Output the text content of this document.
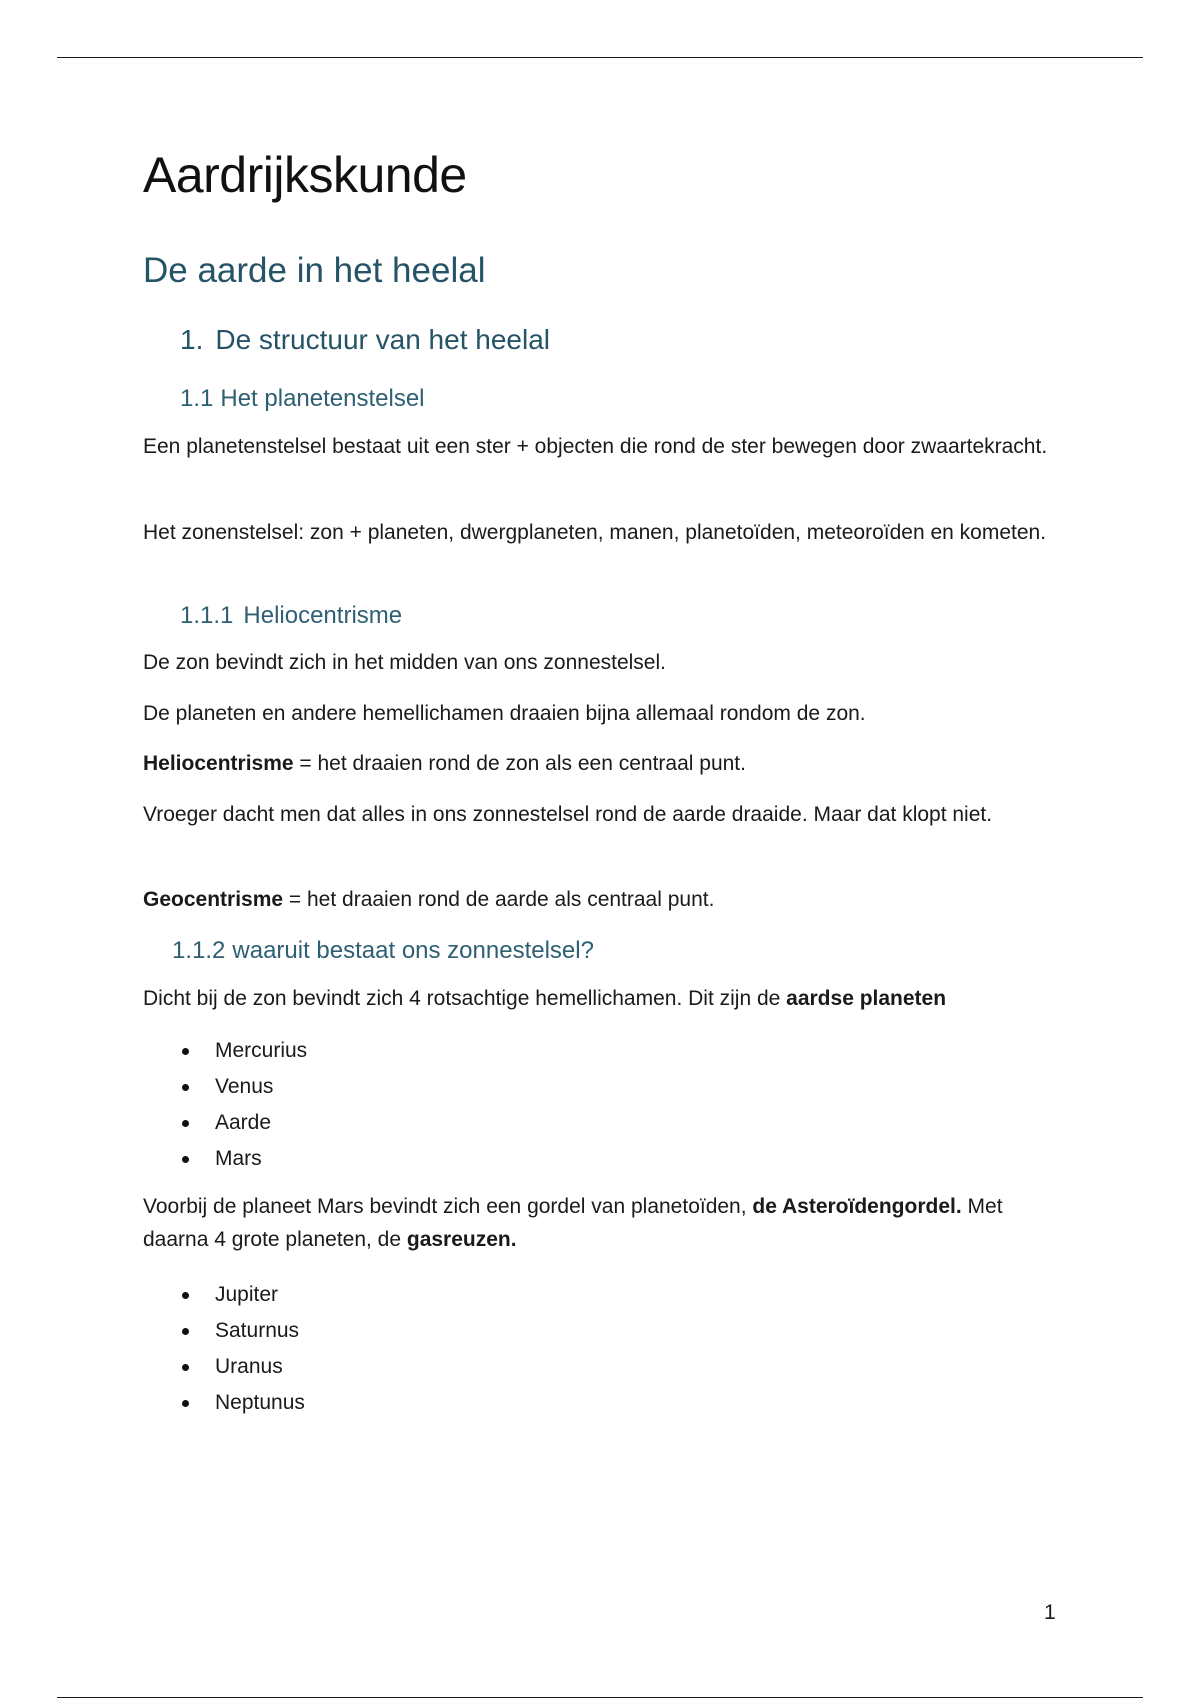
Aardrijkskunde
De aarde in het heelal
1. De structuur van het heelal
1.1 Het planetenstelsel

Een planetenstelsel bestaat uit een ster + objecten die rond de ster bewegen door zwaartekracht.

Het zonenstelsel: zon + planeten, dwergplaneten, manen, planetoïden, meteoroïden en kometen.

1.1.1 Heliocentrisme

De zon bevindt zich in het midden van ons zonnestelsel.

De planeten en andere hemellichamen draaien bijna allemaal rondom de zon.

Heliocentrisme = het draaien rond de zon als een centraal punt.

Vroeger dacht men dat alles in ons zonnestelsel rond de aarde draaide. Maar dat klopt niet.

Geocentrisme = het draaien rond de aarde als centraal punt.

1.1.2 waaruit bestaat ons zonnestelsel?

Dicht bij de zon bevindt zich 4 rotsachtige hemellichamen. Dit zijn de aardse planeten

Mercurius
Venus
Aarde
Mars

Voorbij de planeet Mars bevindt zich een gordel van planetoïden, de Asteroïdengordel. Met daarna 4 grote planeten, de gasreuzen.

Jupiter
Saturnus
Uranus
Neptunus
1
